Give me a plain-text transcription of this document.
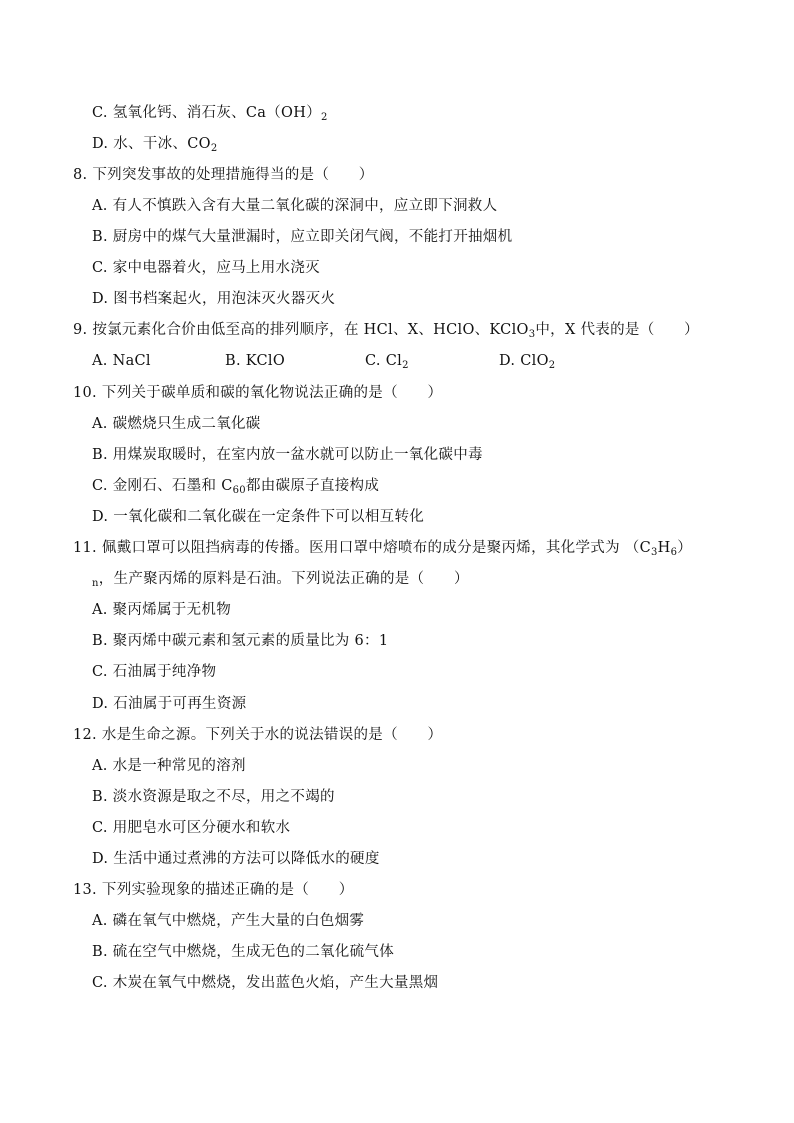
C. 氢氧化钙、消石灰、$Ca(OH)_2$
D. 水、干冰、$CO_2$
8. 下列突发事故的处理措施得当的是（　　）
A. 有人不慎跌入含有大量二氧化碳的深洞中，应立即下洞救人
B. 厨房中的煤气大量泄漏时，应立即关闭气阀，不能打开抽烟机
C. 家中电器着火，应马上用水浇灭
D. 图书档案起火，用泡沫灭火器灭火
9. 按氯元素化合价由低至高的排列顺序，在 HCl、X、HClO、KClO$_3$中，X 代表的是（　　）
A. NaCl	B. KClO	C. $Cl_2$	D. ClO$_2$
10. 下列关于碳单质和碳的氧化物说法正确的是（　　）
A. 碳燃烧只生成二氧化碳
B. 用煤炭取暖时，在室内放一盆水就可以防止一氧化碳中毒
C. 金刚石、石墨和 $C_{60}$都由碳原子直接构成
D. 一氧化碳和二氧化碳在一定条件下可以相互转化
11. 佩戴口罩可以阻挡病毒的传播。医用口罩中熔喷布的成分是聚丙烯，其化学式为 $(C_3H_6)$
$_n$，生产聚丙烯的原料是石油。下列说法正确的是（　　）
A. 聚丙烯属于无机物
B. 聚丙烯中碳元素和氢元素的质量比为 6：1
C. 石油属于纯净物
D. 石油属于可再生资源
12. 水是生命之源。下列关于水的说法错误的是（　　）
A. 水是一种常见的溶剂
B. 淡水资源是取之不尽，用之不竭的
C. 用肥皂水可区分硬水和软水
D. 生活中通过煮沸的方法可以降低水的硬度
13. 下列实验现象的描述正确的是（　　）
A. 磷在氧气中燃烧，产生大量的白色烟雾
B. 硫在空气中燃烧，生成无色的二氧化硫气体
C. 木炭在氧气中燃烧，发出蓝色火焰，产生大量黑烟
